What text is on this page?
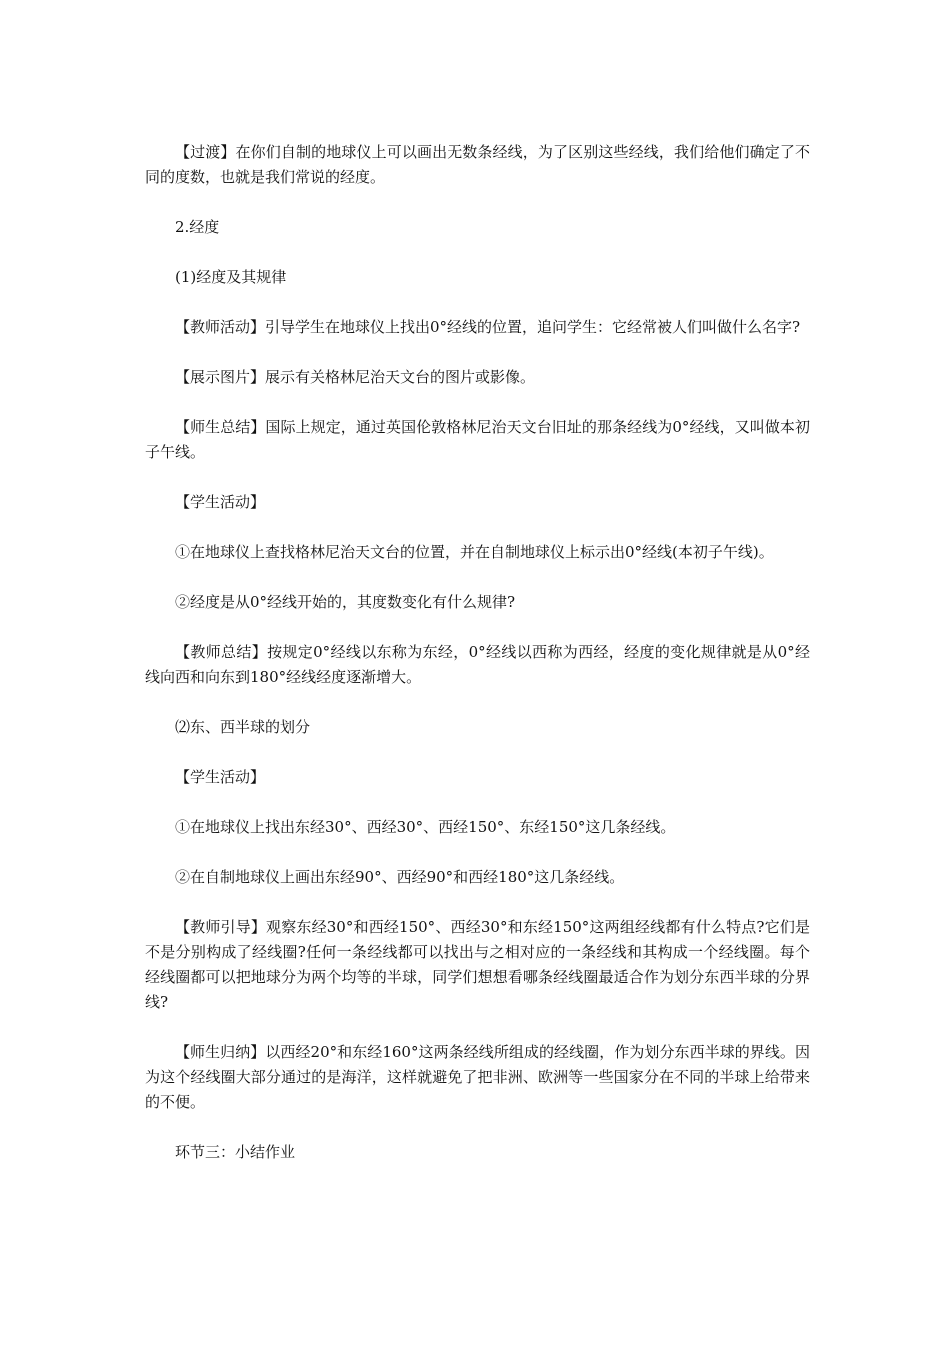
【过渡】在你们自制的地球仪上可以画出无数条经线，为了区别这些经线，我们给他们确定了不同的度数，也就是我们常说的经度。

2.经度

(1)经度及其规律

【教师活动】引导学生在地球仪上找出0°经线的位置，追问学生：它经常被人们叫做什么名字?

【展示图片】展示有关格林尼治天文台的图片或影像。

【师生总结】国际上规定，通过英国伦敦格林尼治天文台旧址的那条经线为0°经线，又叫做本初子午线。

【学生活动】

①在地球仪上查找格林尼治天文台的位置，并在自制地球仪上标示出0°经线(本初子午线)。

②经度是从0°经线开始的，其度数变化有什么规律?

【教师总结】按规定0°经线以东称为东经，0°经线以西称为西经，经度的变化规律就是从0°经线向西和向东到180°经线经度逐渐增大。

⑵东、西半球的划分

【学生活动】

①在地球仪上找出东经30°、西经30°、西经150°、东经150°这几条经线。

②在自制地球仪上画出东经90°、西经90°和西经180°这几条经线。

【教师引导】观察东经30°和西经150°、西经30°和东经150°这两组经线都有什么特点?它们是不是分别构成了经线圈?任何一条经线都可以找出与之相对应的一条经线和其构成一个经线圈。每个经线圈都可以把地球分为两个均等的半球，同学们想想看哪条经线圈最适合作为划分东西半球的分界线?

【师生归纳】以西经20°和东经160°这两条经线所组成的经线圈，作为划分东西半球的界线。因为这个经线圈大部分通过的是海洋，这样就避免了把非洲、欧洲等一些国家分在不同的半球上给带来的不便。

环节三：小结作业
